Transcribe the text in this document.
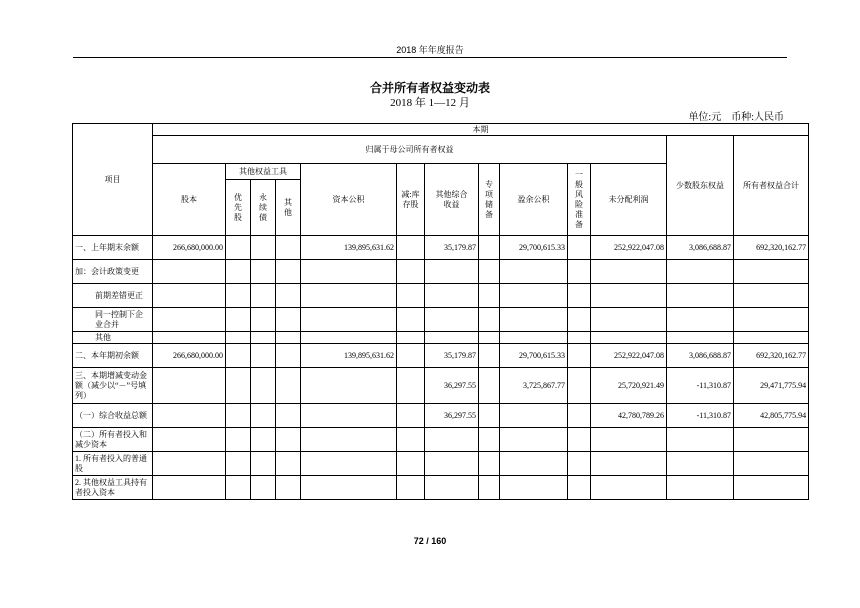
2018 年年度报告
合并所有者权益变动表
2018 年 1—12 月
单位:元　币种:人民币
项目	本期												
	归属于母公司所有者权益											少数股东权益	所有者权益合计
	股本	其他权益工具			资本公积	减:库存股	其他综合收益	专项储备	盈余公积	一般风险准备	未分配利润		
		优先股	永续债	其他									
一、上年期末余额	266,680,000.00				139,895,631.62		35,179.87		29,700,615.33		252,922,047.08	3,086,688.87	692,320,162.77
加：会计政策变更													
前期差错更正													
同一控制下企业合并													
其他													
二、本年期初余额	266,680,000.00				139,895,631.62		35,179.87		29,700,615.33		252,922,047.08	3,086,688.87	692,320,162.77
三、本期增减变动金额（减少以“－”号填列）							36,297.55		3,725,867.77		25,720,921.49	-11,310.87	29,471,775.94
（一）综合收益总额							36,297.55				42,780,789.26	-11,310.87	42,805,775.94
（二）所有者投入和减少资本													
1. 所有者投入的普通股													
2. 其他权益工具持有者投入资本													
72 / 160
